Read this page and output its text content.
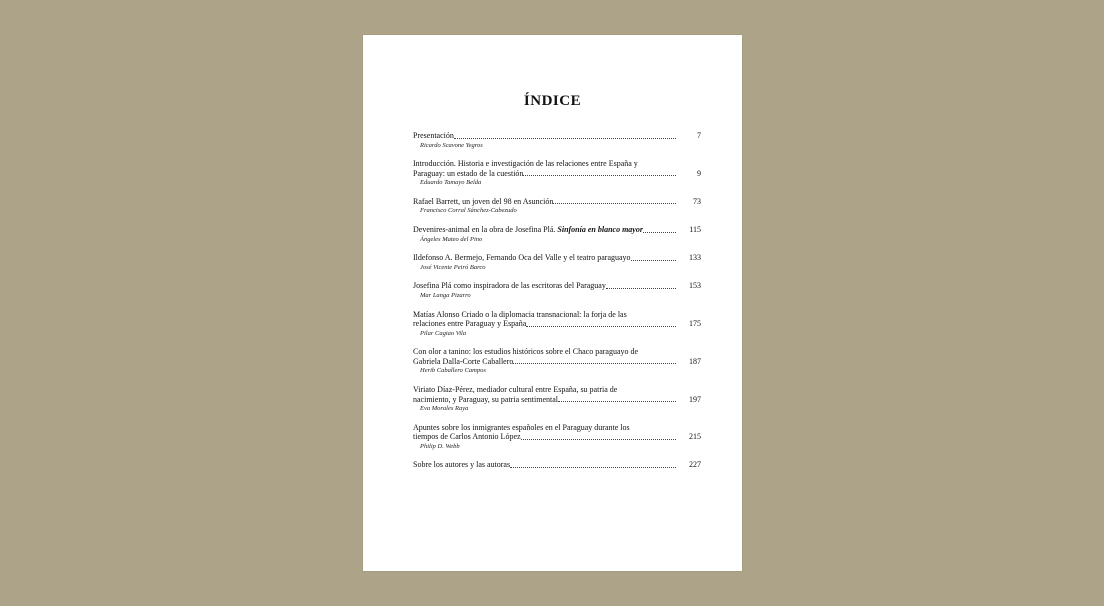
ÍNDICE
Presentación	7
Ricardo Scavone Yegros
Introducción. Historia e investigación de las relaciones entre España y
Paraguay: un estado de la cuestión	9
Eduardo Tamayo Belda
Rafael Barrett, un joven del 98 en Asunción	73
Francisco Corral Sánchez-Cabezudo
Devenires-animal en la obra de Josefina Plá. Sinfonía en blanco mayor	115
Ángeles Mateo del Pino
Ildefonso A. Bermejo, Fernando Oca del Valle y el teatro paraguayo	133
José Vicente Peiró Barco
Josefina Plá como inspiradora de las escritoras del Paraguay	153
Mar Langa Pizarro
Matías Alonso Criado o la diplomacia transnacional: la forja de las
relaciones entre Paraguay y España	175
Pilar Cagiao Vila
Con olor a tanino: los estudios históricos sobre el Chaco paraguayo de
Gabriela Dalla-Corte Caballero	187
Herib Caballero Campos
Viriato Díaz-Pérez, mediador cultural entre España, su patria de
nacimiento, y Paraguay, su patria sentimental	197
Eva Morales Raya
Apuntes sobre los inmigrantes españoles en el Paraguay durante los
tiempos de Carlos Antonio López	215
Philip D. Webb
Sobre los autores y las autoras	227
